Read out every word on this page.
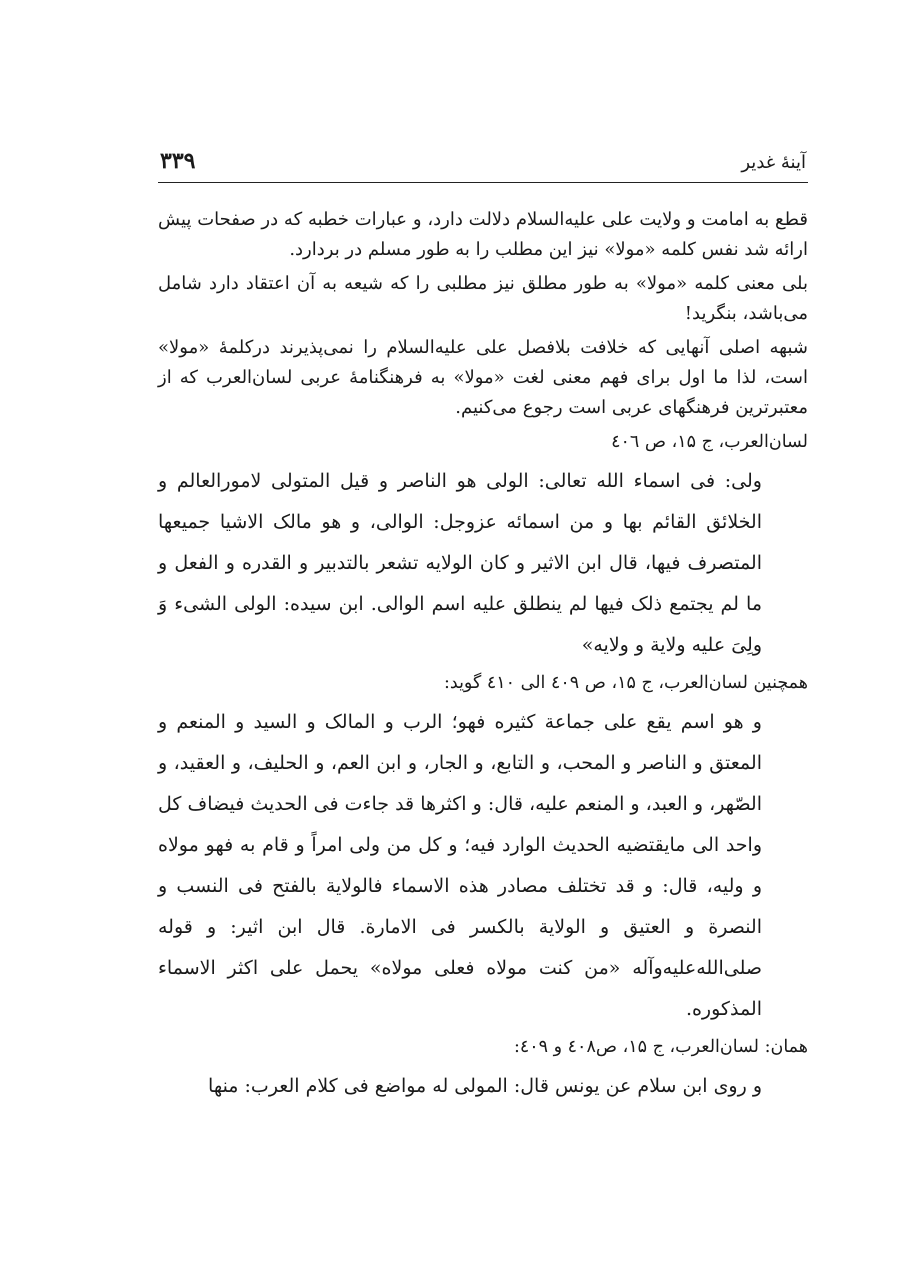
آینهٔ غدیر
۳۳۹

قطع به امامت و ولایت علی علیه‌السلام دلالت دارد، و عبارات خطبه که در صفحات پیش ارائه شد نفس کلمه «مولا» نیز این مطلب را به طور مسلم در بردارد.

بلی معنی کلمه «مولا» به طور مطلق نیز مطلبی را که شیعه به آن اعتقاد دارد شامل می‌باشد، بنگرید!

شبهه اصلی آنهایی که خلافت بلافصل علی علیه‌السلام را نمی‌پذیرند درکلمهٔ «مولا» است، لذا ما اول برای فهم معنی لغت «مولا» به فرهنگنامهٔ عربی لسان‌العرب که از معتبرترین فرهنگهای عربی است رجوع می‌کنیم.

لسان‌العرب، ج ۱۵، ص ٤٠٦

ولی: فی اسماء الله تعالی: الولی هو الناصر و قیل المتولی لامورالعالم و الخلائق القائم بها و من اسمائه عزوجل: الوالی، و هو مالک الاشیا جمیعها المتصرف فیها، قال ابن الاثیر و کان الولایه تشعر بالتدبیر و القدره و الفعل و ما لم یجتمع ذلک فیها لم ینطلق علیه اسم الوالی. ابن سیده: الولی الشیء وَ ولِیَ علیه ولایة و ولایه»

همچنین لسان‌العرب، ج ۱۵، ص ٤٠٩ الی ٤١٠ گوید:

و هو اسم یقع علی جماعة کثیره فهو؛ الرب و المالک و السید و المنعم و المعتق و الناصر و المحب، و التابع، و الجار، و ابن العم، و الحلیف، و العقید، و الصّهر، و العبد، و المنعم علیه، قال: و اکثرها قد جاءت فی الحدیث فیضاف کل واحد الی مایقتضیه الحدیث الوارد فیه؛ و کل من ولی امراً و قام به فهو مولاه و ولیه، قال: و قد تختلف مصادر هذه الاسماء فالولایة بالفتح فی النسب و النصرة و العتیق و الولایة بالکسر فی الامارة. قال ابن اثیر: و قوله صلی‌الله‌علیه‌وآله «من کنت مولاه فعلی مولاه» یحمل علی اکثر الاسماء المذکوره.

همان: لسان‌العرب، ج ۱۵، ص٤٠٨ و ٤٠٩:

و روی ابن سلام عن یونس قال: المولی له مواضع فی کلام العرب: منها
